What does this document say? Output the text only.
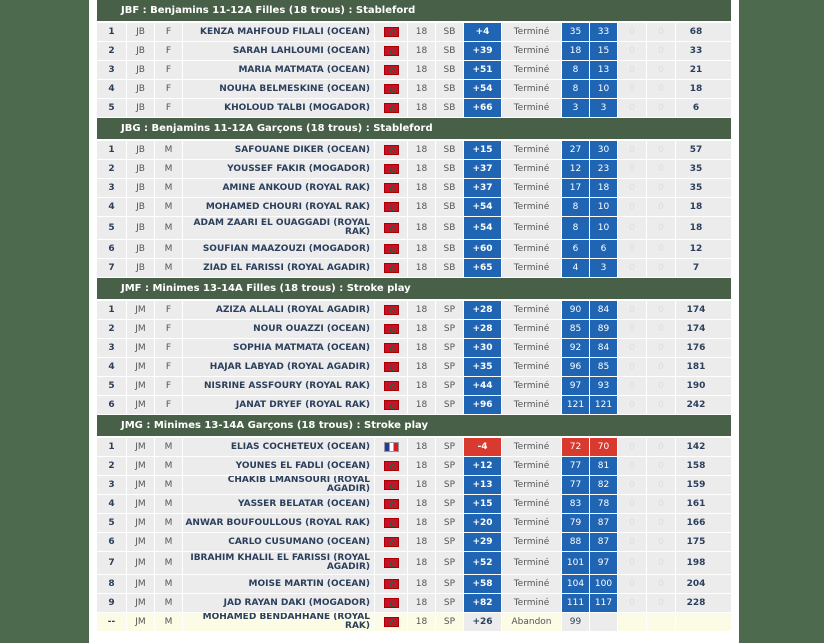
JBF : Benjamins 11-12A Filles (18 trous) : Stableford
1	JB	F	KENZA MAHFOUD FILALI (OCEAN)	18	SB	+4	Terminé	35	33	0	0	68
2	JB	F	SARAH LAHLOUMI (OCEAN)	18	SB	+39	Terminé	18	15	0	0	33
3	JB	F	MARIA MATMATA (OCEAN)	18	SB	+51	Terminé	8	13	0	0	21
4	JB	F	NOUHA BELMESKINE (OCEAN)	18	SB	+54	Terminé	8	10	0	0	18
5	JB	F	KHOLOUD TALBI (MOGADOR)	18	SB	+66	Terminé	3	3	0	0	6
JBG : Benjamins 11-12A Garçons (18 trous) : Stableford
1	JB	M	SAFOUANE DIKER (OCEAN)	18	SB	+15	Terminé	27	30	0	0	57
2	JB	M	YOUSSEF FAKIR (MOGADOR)	18	SB	+37	Terminé	12	23	0	0	35
3	JB	M	AMINE ANKOUD (ROYAL RAK)	18	SB	+37	Terminé	17	18	0	0	35
4	JB	M	MOHAMED CHOURI (ROYAL RAK)	18	SB	+54	Terminé	8	10	0	0	18
5	JB	M	ADAM ZAARI EL OUAGGADI (ROYAL RAK)	18	SB	+54	Terminé	8	10	0	0	18
6	JB	M	SOUFIAN MAAZOUZI (MOGADOR)	18	SB	+60	Terminé	6	6	0	0	12
7	JB	M	ZIAD EL FARISSI (ROYAL AGADIR)	18	SB	+65	Terminé	4	3	0	0	7
JMF : Minimes 13-14A Filles (18 trous) : Stroke play
1	JM	F	AZIZA ALLALI (ROYAL AGADIR)	18	SP	+28	Terminé	90	84	0	0	174
2	JM	F	NOUR OUAZZI (OCEAN)	18	SP	+28	Terminé	85	89	0	0	174
3	JM	F	SOPHIA MATMATA (OCEAN)	18	SP	+30	Terminé	92	84	0	0	176
4	JM	F	HAJAR LABYAD (ROYAL AGADIR)	18	SP	+35	Terminé	96	85	0	0	181
5	JM	F	NISRINE ASSFOURY (ROYAL RAK)	18	SP	+44	Terminé	97	93	0	0	190
6	JM	F	JANAT DRYEF (ROYAL RAK)	18	SP	+96	Terminé	121	121	0	0	242
JMG : Minimes 13-14A Garçons (18 trous) : Stroke play
1	JM	M	ELIAS COCHETEUX (OCEAN)	18	SP	-4	Terminé	72	70	0	0	142
2	JM	M	YOUNES EL FADLI (OCEAN)	18	SP	+12	Terminé	77	81	0	0	158
3	JM	M	CHAKIB LMANSOURI (ROYAL AGADIR)	18	SP	+13	Terminé	77	82	0	0	159
4	JM	M	YASSER BELATAR (OCEAN)	18	SP	+15	Terminé	83	78	0	0	161
5	JM	M	ANWAR BOUFOULLOUS (ROYAL RAK)	18	SP	+20	Terminé	79	87	0	0	166
6	JM	M	CARLO CUSUMANO (OCEAN)	18	SP	+29	Terminé	88	87	0	0	175
7	JM	M	IBRAHIM KHALIL EL FARISSI (ROYAL AGADIR)	18	SP	+52	Terminé	101	97	0	0	198
8	JM	M	MOISE MARTIN (OCEAN)	18	SP	+58	Terminé	104	100	0	0	204
9	JM	M	JAD RAYAN DAKI (MOGADOR)	18	SP	+82	Terminé	111	117	0	0	228
--	JM	M	MOHAMED BENDAHHANE (ROYAL RAK)	18	SP	+26	Abandon	99
